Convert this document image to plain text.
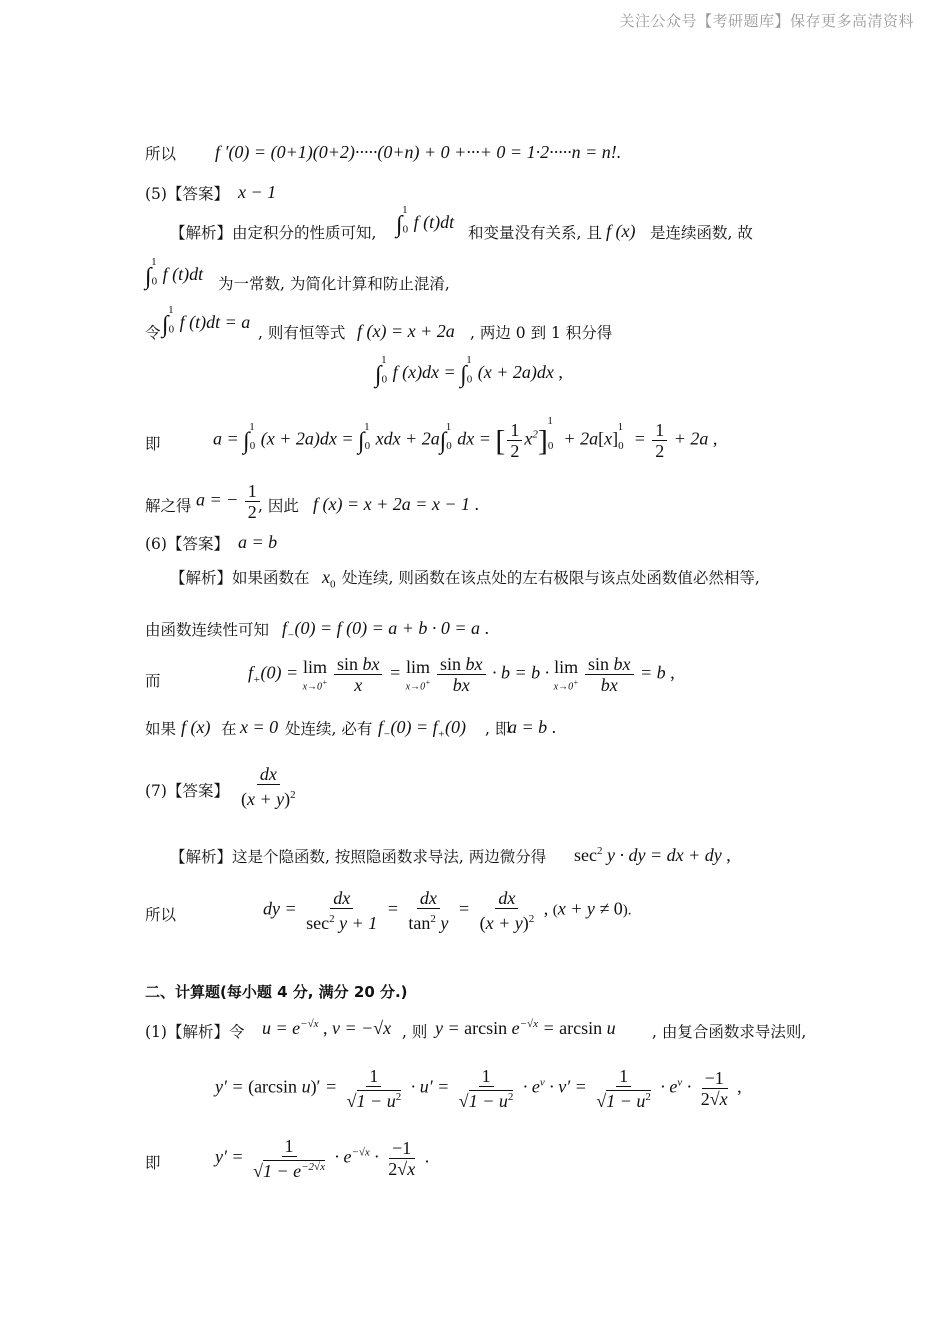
关注公众号【考研题库】保存更多高清资料
所以 f ′(0) = (0+1)(0+2)·····(0+n) + 0 +···+ 0 = 1·2·····n = n!.
(5)【答案】 x − 1
【解析】由定积分的性质可知, $\int_0^1f$ (t)dt
和变量没有关系, 且 f (x) 是连续函数, 故
$\int_0^1f$ (t)dt 为一常数, 为简化计算和防止混淆,
令 $\int_0^1f$ (t)dt = a
, 则有恒等式 f (x) = x + 2a , 两边 0 到 1 积分得
$\int_0^1f$ $(x)dx = \int_0^1(x + 2a)dx$ ,
即	$a = \int_0^1(x + 2a)dx = \int_0^1xdx + 2a\int_0^1dx$ = [ $\frac{1}{2} x^2]_0^1 + 2a[x]_0^1 = \frac{1}{2} + 2a$ ,
解之得 a = − $\frac{1}{2}$
, 因此 f (x) = x + 2a = x − 1 .
(6)【答案】 a = b
【解析】如果函数在 $x_0$ 处连续, 则函数在该点处的左右极限与该点处函数值必然相等,
由函数连续性可知 $f_-(0) = f$ (0) = a + b · 0 = a .
而	$f_+(0) = \lim$
x→0+
$\frac{\text{sin bx}}{x} = \lim$
x→0+
$\frac{\text{sin bx}}{bx} \cdot b = b \cdot \lim$
x→0+
$\frac{\text{sin bx}}{bx} = b$ ,
如果 f (x) 在 x = 0 处连续, 必有 $f_-(0) = f_+(0)$ , 即
a = b .
(7)【答案】 $\frac{dx}{(x + y)^2}$
【解析】这是个隐函数, 按照隐函数求导法, 两边微分得 $\sec^2 y$ · dy = dx + dy ,
所以	dy = $\frac{dx}{\sec^2 y + 1} = \frac{dx}{\tan^2 y} = \frac{dx}{(x + y)^2}$ , (x + y ≠ 0).
二、计算题(每小题 4 分, 满分 20 分.)
(1)【解析】令 $u = e^{-√x}$ , v = −√x , 则 $y = \arcsin e^{-√x} = \arcsin u$ , 由复合函数求导法则,
y′ = (arcsin $u)' = \frac{1}{√1 - u^2} \cdot u' = \frac{1}{√1 - u^2} \cdot e^v \cdot v' = \frac{1}{√1 - u^2} \cdot e^v \cdot \frac{-1}{2√x}$ ,
即	$y' = \frac{1}{√1 - e^{-2√x}} \cdot e^{-√x} \cdot \frac{-1}{2√x}$ .
